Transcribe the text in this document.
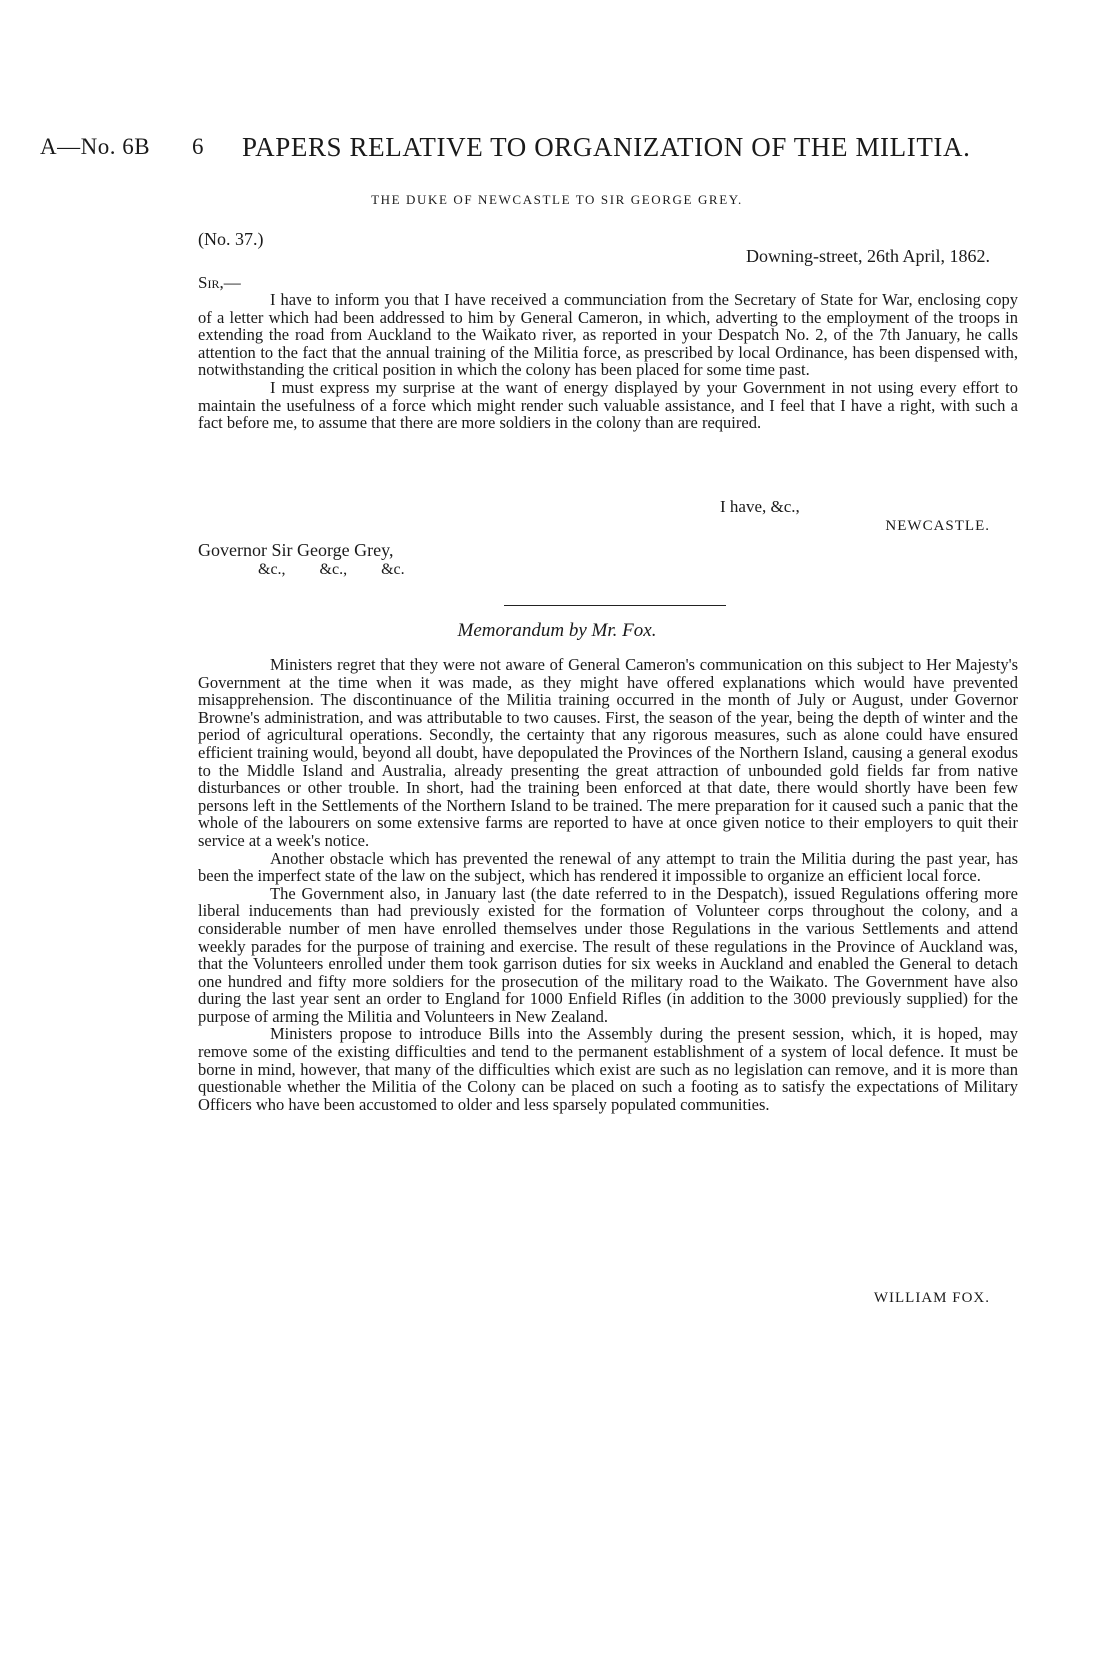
A—No. 6B 6 PAPERS RELATIVE TO ORGANIZATION OF THE MILITIA.
THE DUKE OF NEWCASTLE TO SIR GEORGE GREY.
(No. 37.)
Downing-street, 26th April, 1862.
Sir,—

I have to inform you that I have received a communciation from the Secretary of State for War, enclosing copy of a letter which had been addressed to him by General Cameron, in which, adverting to the employment of the troops in extending the road from Auckland to the Waikato river, as reported in your Despatch No. 2, of the 7th January, he calls attention to the fact that the annual training of the Militia force, as prescribed by local Ordinance, has been dispensed with, notwithstanding the critical position in which the colony has been placed for some time past.

I must express my surprise at the want of energy displayed by your Government in not using every effort to maintain the usefulness of a force which might render such valuable assistance, and I feel that I have a right, with such a fact before me, to assume that there are more soldiers in the colony than are required.

I have, &c.,
NEWCASTLE.
Governor Sir George Grey,
&c., &c., &c.
Memorandum by Mr. Fox.

Ministers regret that they were not aware of General Cameron's communication on this subject to Her Majesty's Government at the time when it was made, as they might have offered explanations which would have prevented misapprehension. The discontinuance of the Militia training occurred in the month of July or August, under Governor Browne's administration, and was attributable to two causes. First, the season of the year, being the depth of winter and the period of agricultural operations. Secondly, the certainty that any rigorous measures, such as alone could have ensured efficient training would, beyond all doubt, have depopulated the Provinces of the Northern Island, causing a general exodus to the Middle Island and Australia, already presenting the great attraction of unbounded gold fields far from native disturbances or other trouble. In short, had the training been enforced at that date, there would shortly have been few persons left in the Settlements of the Northern Island to be trained. The mere preparation for it caused such a panic that the whole of the labourers on some extensive farms are reported to have at once given notice to their employers to quit their service at a week's notice.

Another obstacle which has prevented the renewal of any attempt to train the Militia during the past year, has been the imperfect state of the law on the subject, which has rendered it impossible to organize an efficient local force.

The Government also, in January last (the date referred to in the Despatch), issued Regulations offering more liberal inducements than had previously existed for the formation of Volunteer corps throughout the colony, and a considerable number of men have enrolled themselves under those Regulations in the various Settlements and attend weekly parades for the purpose of training and exercise. The result of these regulations in the Province of Auckland was, that the Volunteers enrolled under them took garrison duties for six weeks in Auckland and enabled the General to detach one hundred and fifty more soldiers for the prosecution of the military road to the Waikato. The Government have also during the last year sent an order to England for 1000 Enfield Rifles (in addition to the 3000 previously supplied) for the purpose of arming the Militia and Volunteers in New Zealand.

Ministers propose to introduce Bills into the Assembly during the present session, which, it is hoped, may remove some of the existing difficulties and tend to the permanent establishment of a system of local defence. It must be borne in mind, however, that many of the difficulties which exist are such as no legislation can remove, and it is more than questionable whether the Militia of the Colony can be placed on such a footing as to satisfy the expectations of Military Officers who have been accustomed to older and less sparsely populated communities.

WILLIAM FOX.
